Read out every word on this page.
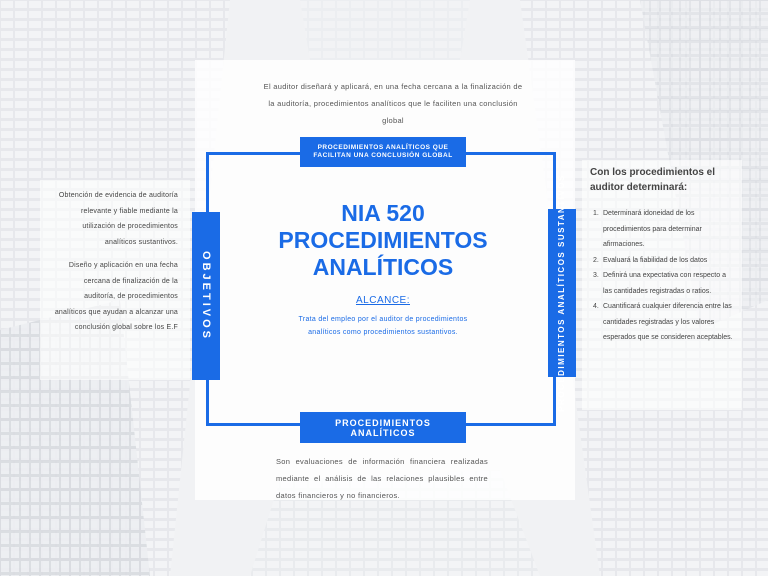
PROCEDIMIENTOS ANALÍTICOS QUE FACILITAN UNA CONCLUSIÓN GLOBAL
PROCEDIMIENTOS ANALÍTICOS
OBJETIVOS	PROCEDIMIENTOS ANALÍTICOS SUSTANTIVOS
NIA 520
PROCEDIMIENTOS
ANALÍTICOS
ALCANCE:
Trata del empleo por el auditor de procedimientos analíticos como procedimientos sustantivos.
El auditor diseñará y aplicará, en una fecha cercana a la finalización de la auditoría, procedimientos analíticos que le faciliten una conclusión global

Obtención de evidencia de auditoría relevante y fiable mediante la utilización de procedimientos analíticos sustantivos.

Diseño y aplicación en una fecha cercana de finalización de la auditoría, de procedimientos analíticos que ayudan a alcanzar una conclusión global sobre los E.F

Son evaluaciones de información financiera realizadas mediante el análisis de las relaciones plausibles entre datos financieros y no financieros.
Con los procedimientos el auditor determinará:
1. Determinará idoneidad de los procedimientos para determinar afirmaciones.
2. Evaluará la fiabilidad de los datos
3. Definirá una expectativa con respecto a las cantidades registradas o ratios.
4. Cuantificará cualquier diferencia entre las cantidades registradas y los valores esperados que se consideren aceptables.
